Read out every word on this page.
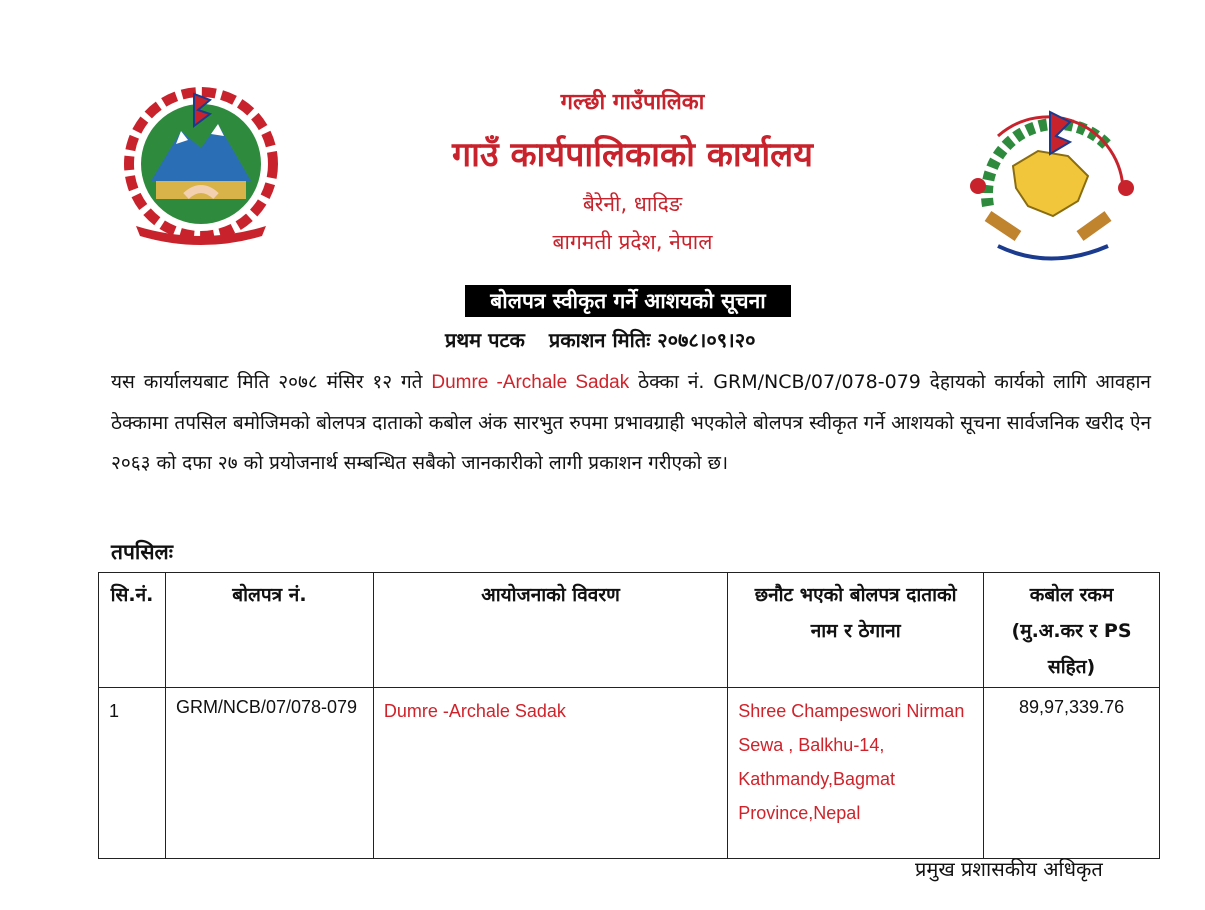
गल्छी गाउँपालिका
गाउँ कार्यपालिकाको कार्यालय
बैरेनी, धादिङ
बागमती प्रदेश, नेपाल
बोलपत्र स्वीकृत गर्ने आशयको सूचना
प्रथम पटक प्रकाशन मितिः २०७८।०९।२०
यस कार्यालयबाट मिति २०७८ मंसिर १२ गते Dumre -Archale Sadak ठेक्का नं. GRM/NCB/07/078-079 देहायको कार्यको लागि आवहान ठेक्कामा तपसिल बमोजिमको बोलपत्र दाताको कबोल अंक सारभुत रुपमा प्रभावग्राही भएकोले बोलपत्र स्वीकृत गर्ने आशयको सूचना सार्वजनिक खरीद ऐन २०६३ को दफा २७ को प्रयोजनार्थ सम्बन्धित सबैको जानकारीको लागी प्रकाशन गरीएको छ।
तपसिलः
सि.नं.	बोलपत्र नं.	आयोजनाको विवरण	छनौट भएको बोलपत्र दाताको नाम र ठेगाना	कबोल रकम (मु.अ.कर र PS सहित)
1	GRM/NCB/07/078-079	Dumre -Archale Sadak	Shree Champeswori Nirman Sewa , Balkhu-14, Kathmandy,Bagmat Province,Nepal	89,97,339.76
प्रमुख प्रशासकीय अधिकृत
